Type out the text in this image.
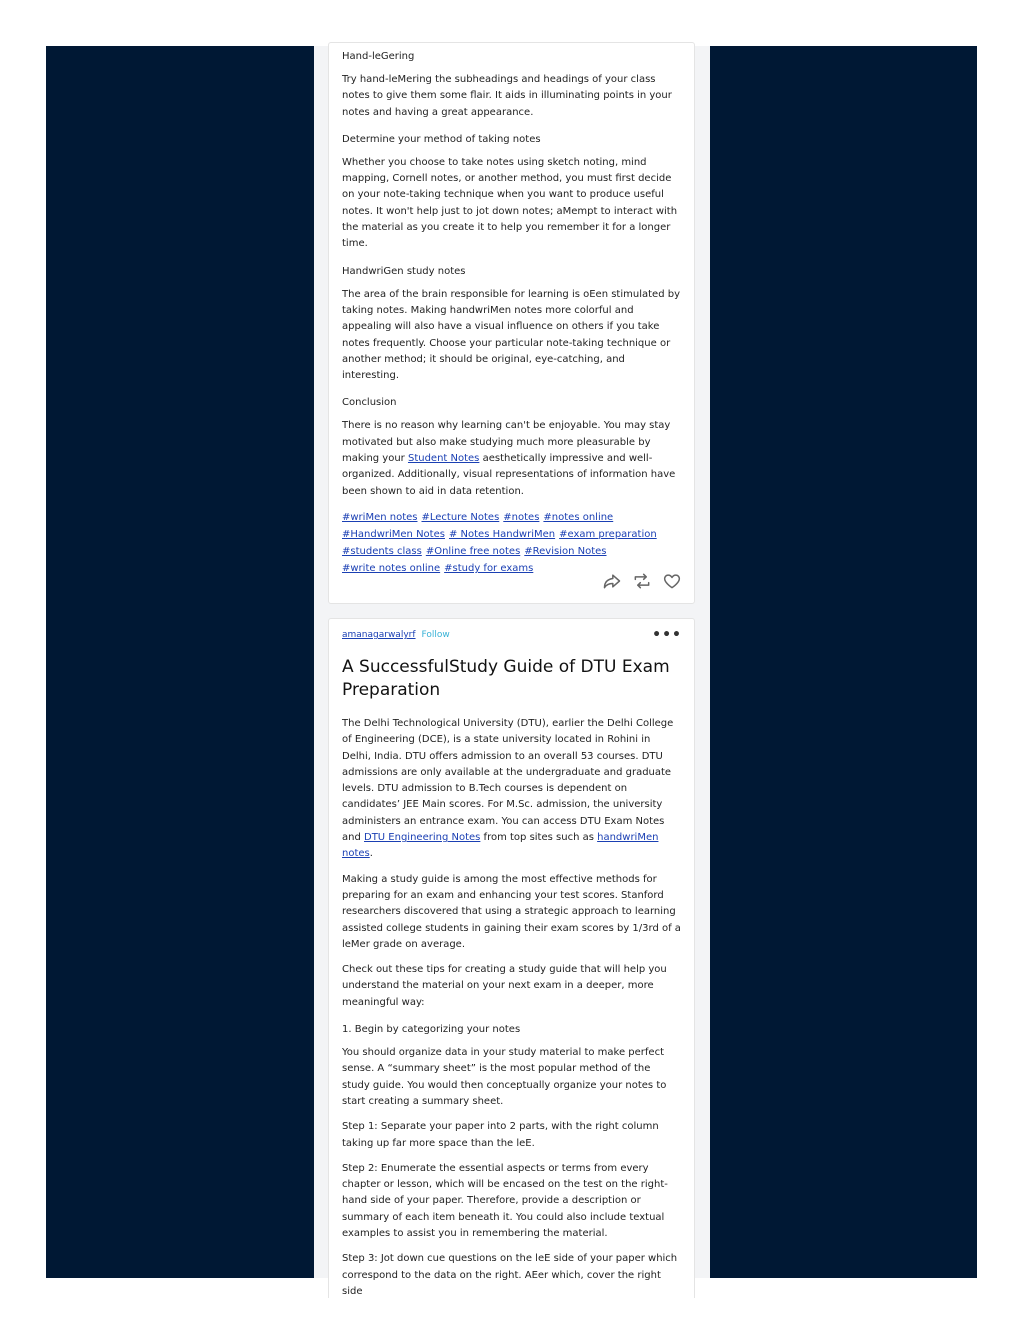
Hand-leGering

Try hand-leMering the subheadings and headings of your class notes to give them some flair. It aids in illuminating points in your notes and having a great appearance.

Determine your method of taking notes

Whether you choose to take notes using sketch noting, mind mapping, Cornell notes, or another method, you must first decide on your note-taking technique when you want to produce useful notes. It won't help just to jot down notes; aMempt to interact with the material as you create it to help you remember it for a longer time.

HandwriGen study notes

The area of the brain responsible for learning is oEen stimulated by taking notes. Making handwriMen notes more colorful and appealing will also have a visual influence on others if you take notes frequently. Choose your particular note-taking technique or another method; it should be original, eye-catching, and interesting.

Conclusion

There is no reason why learning can't be enjoyable. You may stay motivated but also make studying much more pleasurable by making your Student Notes aesthetically impressive and well-organized. Additionally, visual representations of information have been shown to aid in data retention.

#wriMen notes #Lecture Notes #notes #notes online
#HandwriMen Notes # Notes HandwriMen #exam preparation
#students class #Online free notes #Revision Notes
#write notes online #study for exams
amanagarwalyrf Follow	•••
A SuccessfulStudy Guide of DTU Exam Preparation

The Delhi Technological University (DTU), earlier the Delhi College of Engineering (DCE), is a state university located in Rohini in Delhi, India. DTU offers admission to an overall 53 courses. DTU admissions are only available at the undergraduate and graduate levels. DTU admission to B.Tech courses is dependent on candidates’ JEE Main scores. For M.Sc. admission, the university administers an entrance exam. You can access DTU Exam Notes and DTU Engineering Notes from top sites such as handwriMen notes.

Making a study guide is among the most effective methods for preparing for an exam and enhancing your test scores. Stanford researchers discovered that using a strategic approach to learning assisted college students in gaining their exam scores by 1/3rd of a leMer grade on average.

Check out these tips for creating a study guide that will help you understand the material on your next exam in a deeper, more meaningful way:

1. Begin by categorizing your notes

You should organize data in your study material to make perfect sense. A “summary sheet” is the most popular method of the study guide. You would then conceptually organize your notes to start creating a summary sheet.

Step 1: Separate your paper into 2 parts, with the right column taking up far more space than the leE.

Step 2: Enumerate the essential aspects or terms from every chapter or lesson, which will be encased on the test on the right-hand side of your paper. Therefore, provide a description or summary of each item beneath it. You could also include textual examples to assist you in remembering the material.

Step 3: Jot down cue questions on the leE side of your paper which correspond to the data on the right. AEer which, cover the right side
